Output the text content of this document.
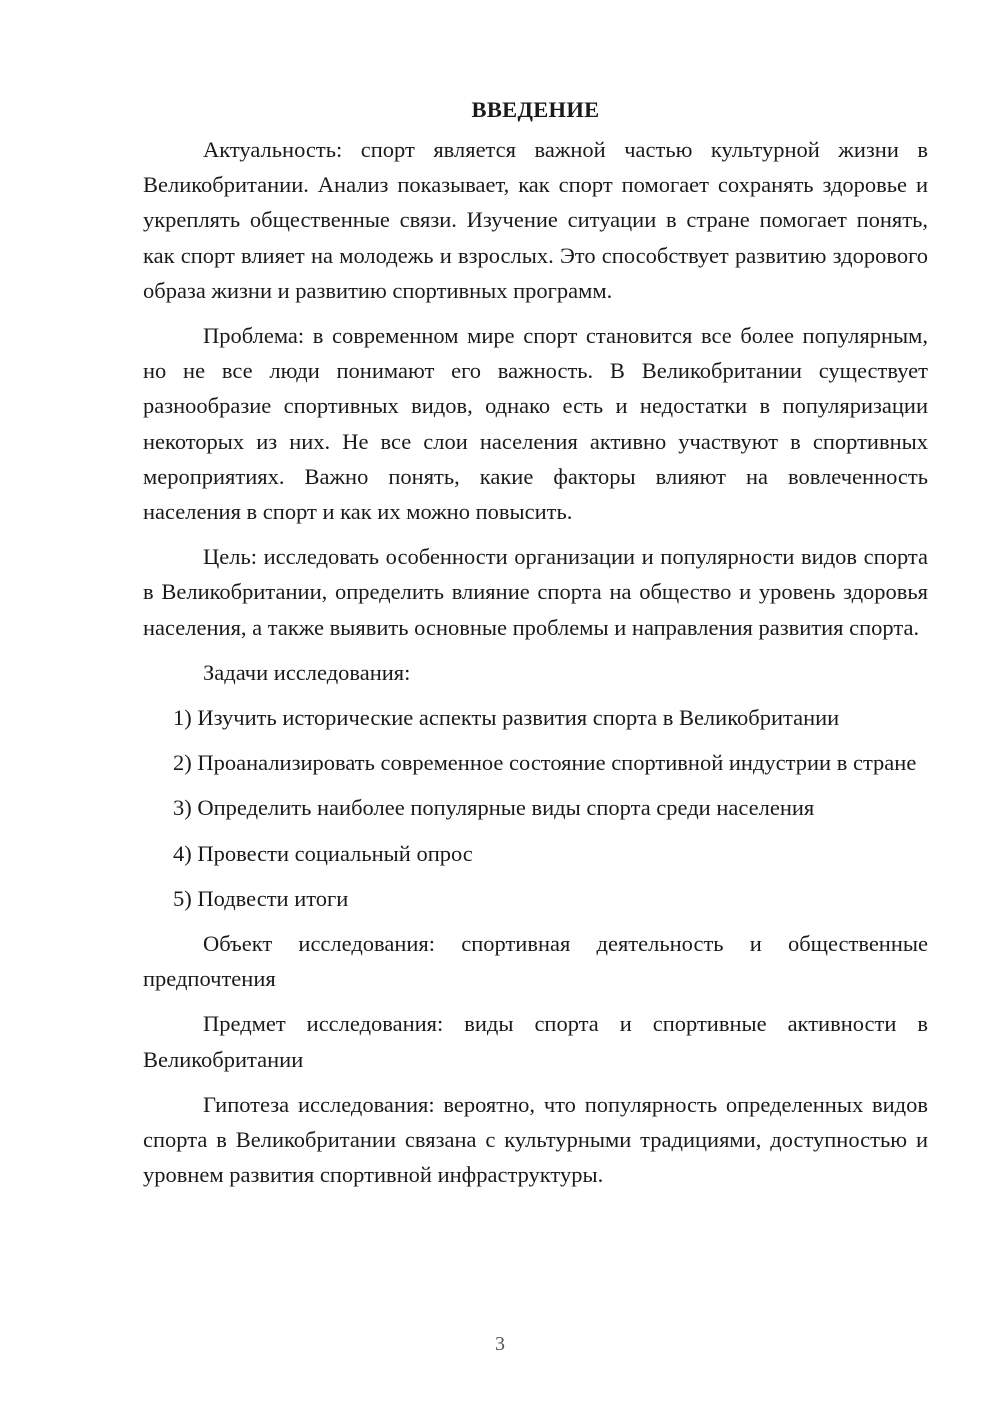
ВВЕДЕНИЕ

Актуальность: спорт является важной частью культурной жизни в Великобритании. Анализ показывает, как спорт помогает сохранять здоровье и укреплять общественные связи. Изучение ситуации в стране помогает понять, как спорт влияет на молодежь и взрослых. Это способствует развитию здорового образа жизни и развитию спортивных программ.

Проблема: в современном мире спорт становится все более популярным, но не все люди понимают его важность. В Великобритании существует разнообразие спортивных видов, однако есть и недостатки в популяризации некоторых из них. Не все слои населения активно участвуют в спортивных мероприятиях. Важно понять, какие факторы влияют на вовлеченность населения в спорт и как их можно повысить.

Цель: исследовать особенности организации и популярности видов спорта в Великобритании, определить влияние спорта на общество и уровень здоровья населения, а также выявить основные проблемы и направления развития спорта.

Задачи исследования:

1) Изучить исторические аспекты развития спорта в Великобритании

2) Проанализировать современное состояние спортивной индустрии в стране

3) Определить наиболее популярные виды спорта среди населения

4) Провести социальный опрос

5) Подвести итоги

Объект исследования: спортивная деятельность и общественные предпочтения

Предмет исследования: виды спорта и спортивные активности в Великобритании

Гипотеза исследования: вероятно, что популярность определенных видов спорта в Великобритании связана с культурными традициями, доступностью и уровнем развития спортивной инфраструктуры.

3
